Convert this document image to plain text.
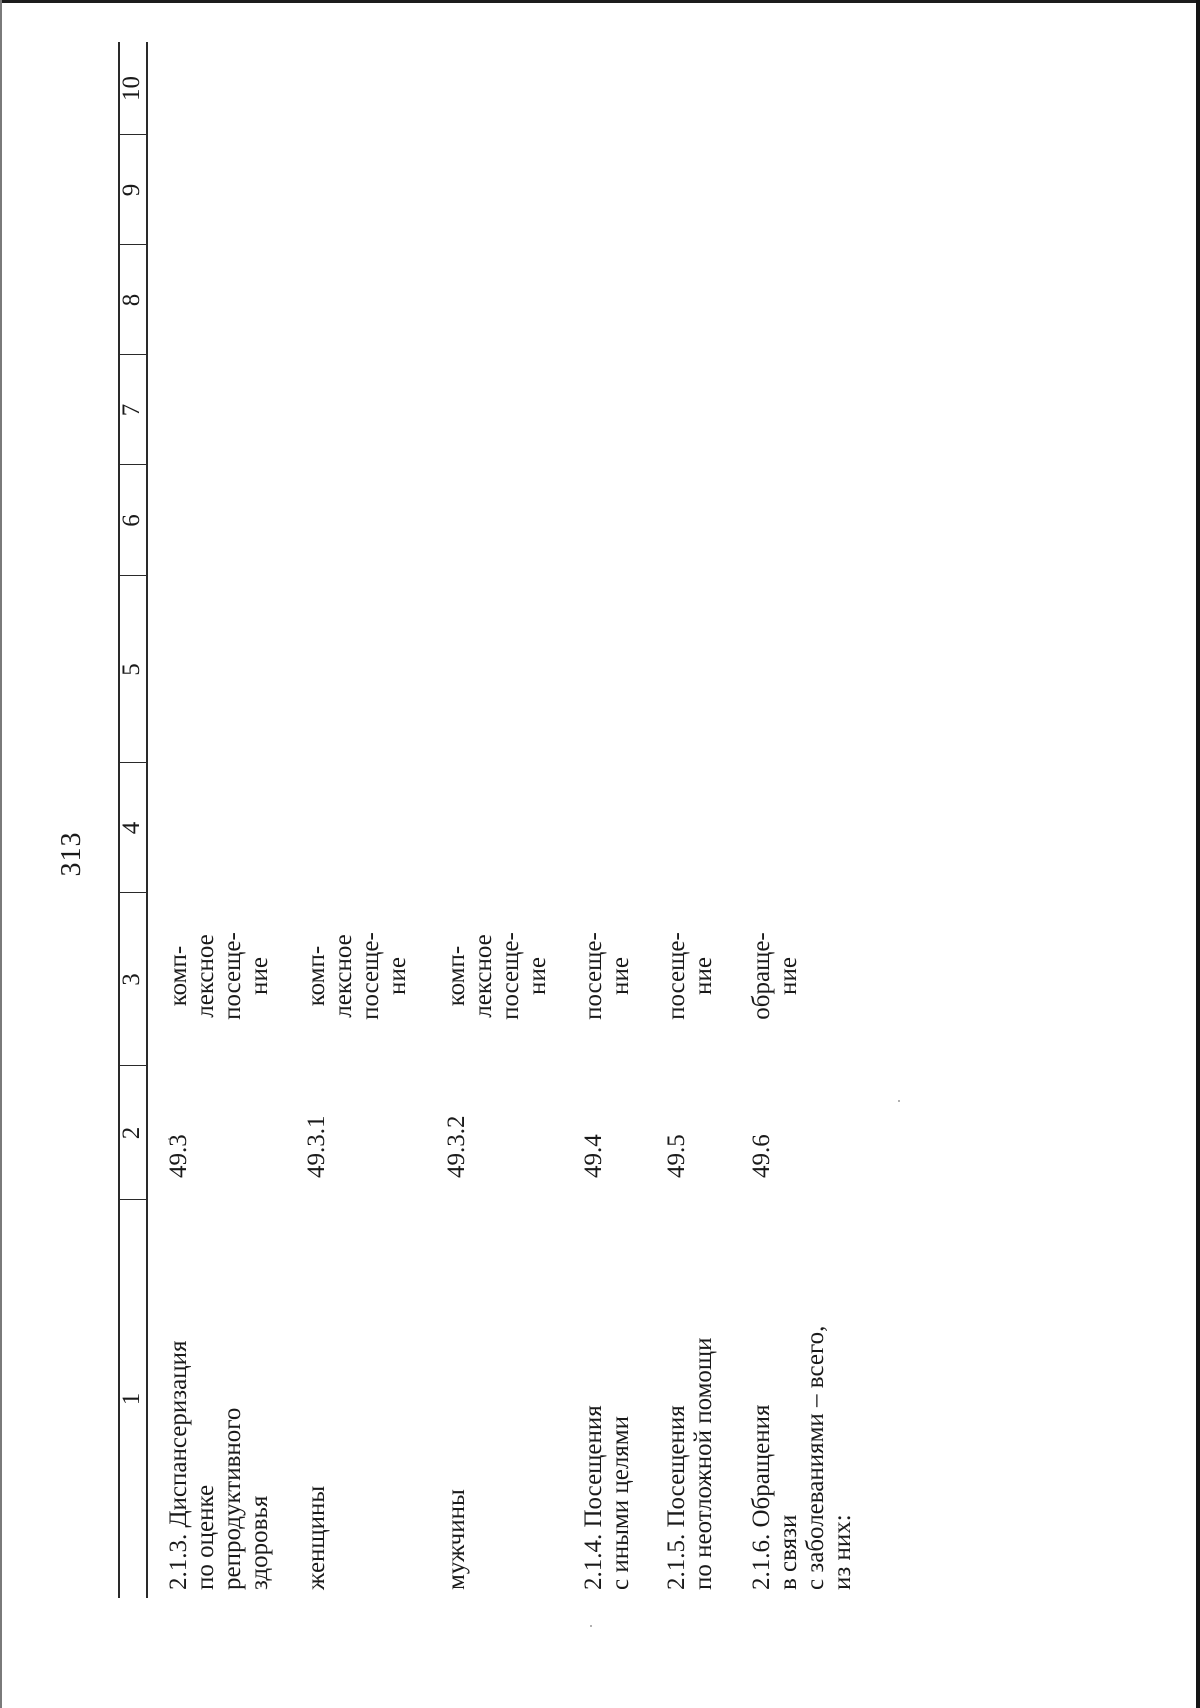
313
1
2
3
4
5
6
7
8
9
10
2.1.3. Диспансеризация
по оценке
репродуктивного
здоровья
49.3
комп-
лексное
посеще-
ние
женщины
49.3.1
комп-
лексное
посеще-
ние
мужчины
49.3.2
комп-
лексное
посеще-
ние
2.1.4. Посещения
с иными целями
49.4
посеще-
ние
2.1.5. Посещения
по неотложной помощи
49.5
посеще-
ние
2.1.6. Обращения
в связи
с заболеваниями – всего,
из них:
49.6
обраще-
ние
